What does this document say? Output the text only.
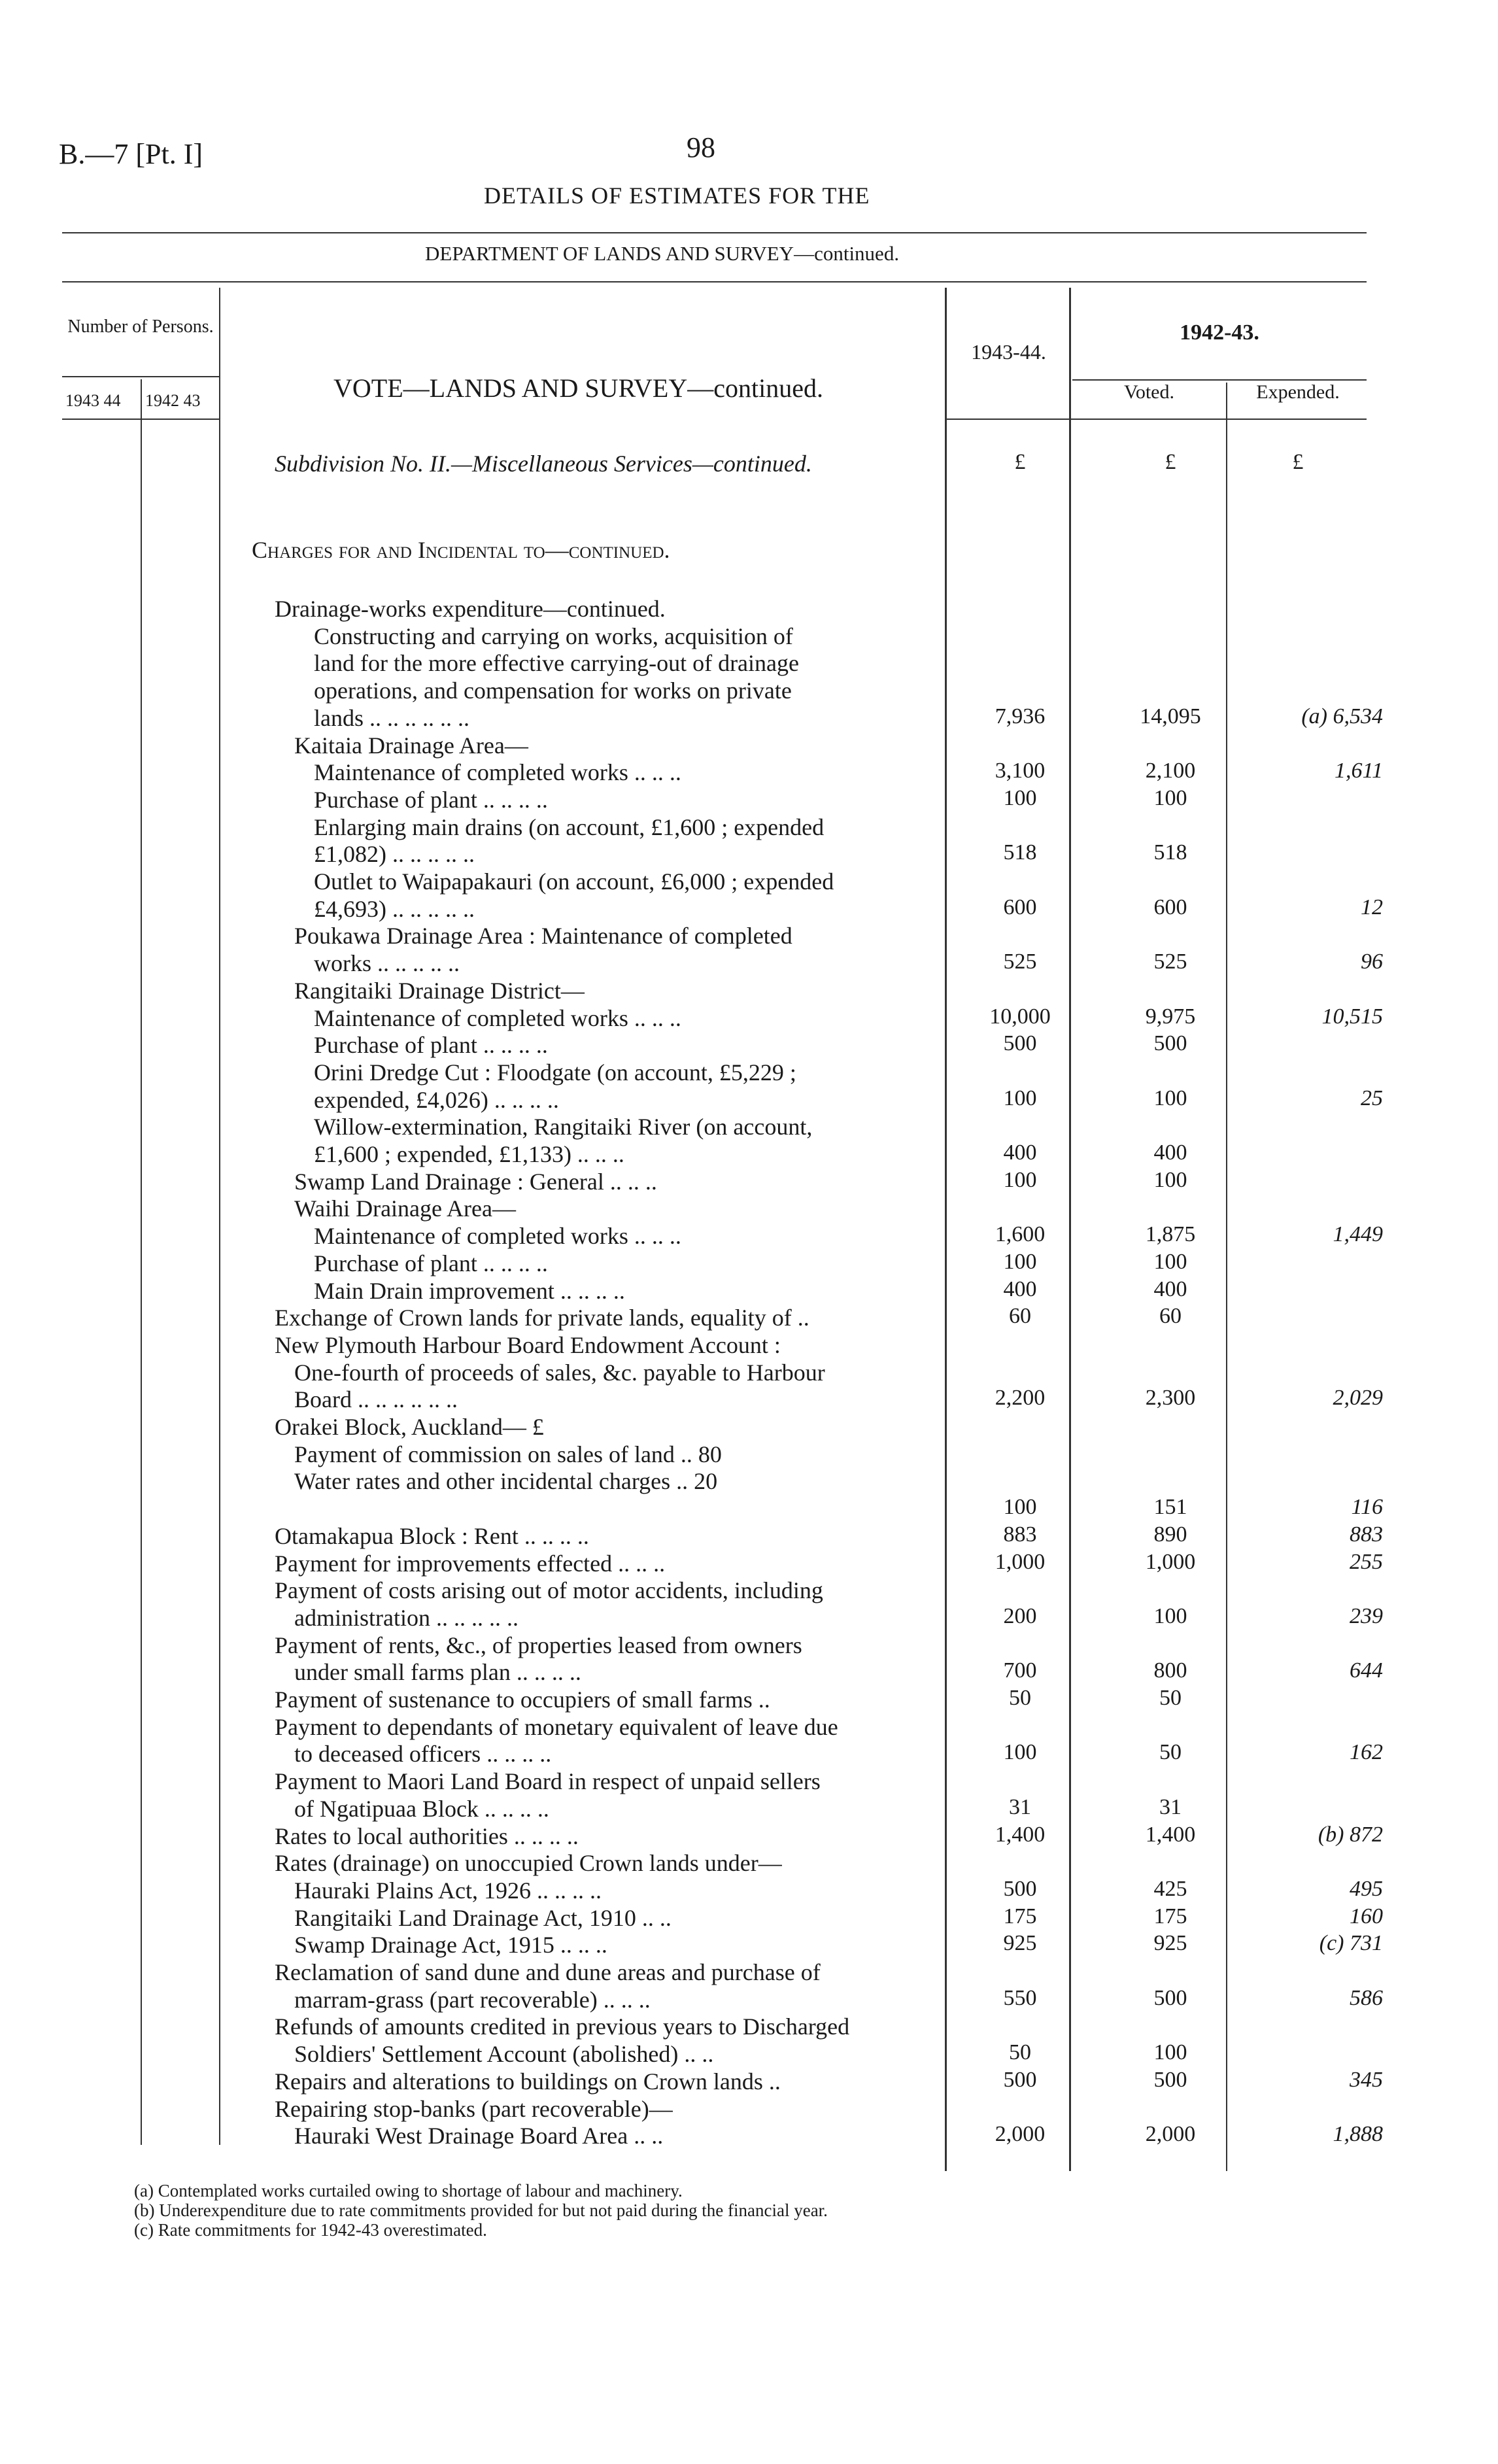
B.—7 [Pt. I]	98
DETAILS OF ESTIMATES FOR THE
DEPARTMENT OF LANDS AND SURVEY—continued.
Number of Persons.
1943 44 1942 43	VOTE—LANDS AND SURVEY—continued.
1943-44.
1942-43.
Voted.	Expended.
Subdivision No. II.—Miscellaneous Services—continued.	£	£	£
Charges for and Incidental to—continued.
Drainage-works expenditure—continued.
Constructing and carrying on works, acquisition of
land for the more effective carrying-out of drainage
operations, and compensation for works on private
lands .. .. .. .. .. ..	7,936	14,095	(a) 6,534
Kaitaia Drainage Area—
Maintenance of completed works .. .. ..	3,100	2,100	1,611
Purchase of plant .. .. .. ..	100	100
Enlarging main drains (on account, £1,600 ; expended
£1,082) .. .. .. .. ..	518	518
Outlet to Waipapakauri (on account, £6,000 ; expended
£4,693) .. .. .. .. ..	600	600	12
Poukawa Drainage Area : Maintenance of completed
works .. .. .. .. ..	525	525	96
Rangitaiki Drainage District—
Maintenance of completed works .. .. ..	10,000	9,975	10,515
Purchase of plant .. .. .. ..	500	500
Orini Dredge Cut : Floodgate (on account, £5,229 ;
expended, £4,026) .. .. .. ..	100	100	25
Willow-extermination, Rangitaiki River (on account,
£1,600 ; expended, £1,133) .. .. ..	400	400
Swamp Land Drainage : General .. .. ..	100	100
Waihi Drainage Area—
Maintenance of completed works .. .. ..	1,600	1,875	1,449
Purchase of plant .. .. .. ..	100	100
Main Drain improvement .. .. .. ..	400	400
Exchange of Crown lands for private lands, equality of ..	60	60
New Plymouth Harbour Board Endowment Account :
One-fourth of proceeds of sales, &c. payable to Harbour
Board .. .. .. .. .. ..	2,200	2,300	2,029
Orakei Block, Auckland— £
Payment of commission on sales of land .. 80
Water rates and other incidental charges .. 20
100	151	116
Otamakapua Block : Rent .. .. .. ..	883	890	883
Payment for improvements effected .. .. ..	1,000	1,000	255
Payment of costs arising out of motor accidents, including
administration .. .. .. .. ..	200	100	239
Payment of rents, &c., of properties leased from owners
under small farms plan .. .. .. ..	700	800	644
Payment of sustenance to occupiers of small farms ..	50	50
Payment to dependants of monetary equivalent of leave due
to deceased officers .. .. .. ..	100	50	162
Payment to Maori Land Board in respect of unpaid sellers
of Ngatipuaa Block .. .. .. ..	31	31
Rates to local authorities .. .. .. ..	1,400	1,400	(b) 872
Rates (drainage) on unoccupied Crown lands under—
Hauraki Plains Act, 1926 .. .. .. ..	500	425	495
Rangitaiki Land Drainage Act, 1910 .. ..	175	175	160
Swamp Drainage Act, 1915 .. .. ..	925	925	(c) 731
Reclamation of sand dune and dune areas and purchase of
marram-grass (part recoverable) .. .. ..	550	500	586
Refunds of amounts credited in previous years to Discharged
Soldiers' Settlement Account (abolished) .. ..	50	100
Repairs and alterations to buildings on Crown lands ..	500	500	345
Repairing stop-banks (part recoverable)—
Hauraki West Drainage Board Area .. ..	2,000	2,000	1,888
(a) Contemplated works curtailed owing to shortage of labour and machinery.
(b) Underexpenditure due to rate commitments provided for but not paid during the financial year.
(c) Rate commitments for 1942-43 overestimated.
